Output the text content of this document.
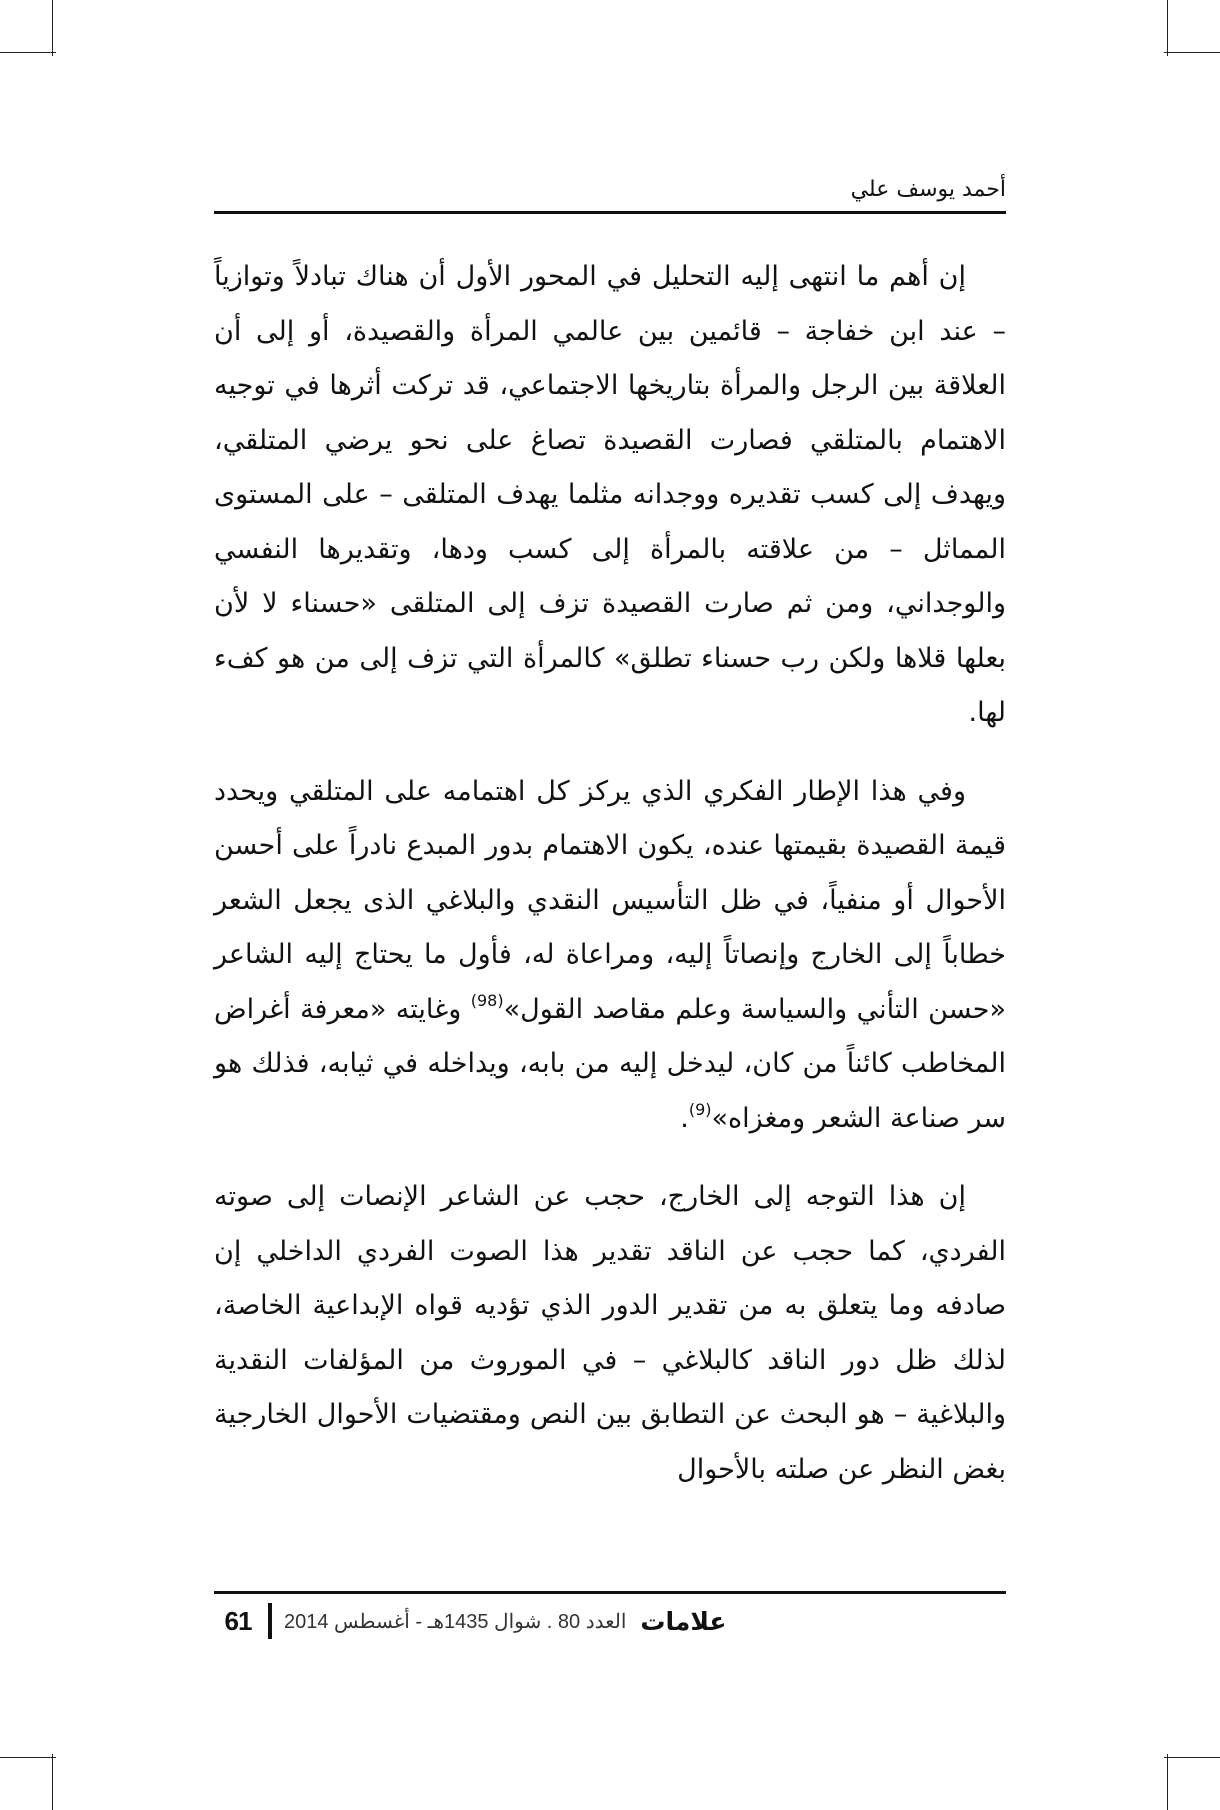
أحمد يوسف علي

إن أهم ما انتهى إليه التحليل في المحور الأول أن هناك تبادلاً وتوازياً – عند ابن خفاجة – قائمين بين عالمي المرأة والقصيدة، أو إلى أن العلاقة بين الرجل والمرأة بتاريخها الاجتماعي، قد تركت أثرها في توجيه الاهتمام بالمتلقي فصارت القصيدة تصاغ على نحو يرضي المتلقي، ويهدف إلى كسب تقديره ووجدانه مثلما يهدف المتلقى – على المستوى المماثل – من علاقته بالمرأة إلى كسب ودها، وتقديرها النفسي والوجداني، ومن ثم صارت القصيدة تزف إلى المتلقى «حسناء لا لأن بعلها قلاها ولكن رب حسناء تطلق» كالمرأة التي تزف إلى من هو كفء لها.

وفي هذا الإطار الفكري الذي يركز كل اهتمامه على المتلقي ويحدد قيمة القصيدة بقيمتها عنده، يكون الاهتمام بدور المبدع نادراً على أحسن الأحوال أو منفياً، في ظل التأسيس النقدي والبلاغي الذى يجعل الشعر خطاباً إلى الخارج وإنصاتاً إليه، ومراعاة له، فأول ما يحتاج إليه الشاعر «حسن التأني والسياسة وعلم مقاصد القول»$^{(98)}$ وغايته «معرفة أغراض المخاطب كائناً من كان، ليدخل إليه من بابه، ويداخله في ثيابه، فذلك هو سر صناعة الشعر ومغزاه»$^{(9)}$.

إن هذا التوجه إلى الخارج، حجب عن الشاعر الإنصات إلى صوته الفردي، كما حجب عن الناقد تقدير هذا الصوت الفردي الداخلي إن صادفه وما يتعلق به من تقدير الدور الذي تؤديه قواه الإبداعية الخاصة، لذلك ظل دور الناقد كالبلاغي – في الموروث من المؤلفات النقدية والبلاغية – هو البحث عن التطابق بين النص ومقتضيات الأحوال الخارجية بغض النظر عن صلته بالأحوال

61	العدد 80 . شوال 1435هـ - أغسطس 2014 علامات
